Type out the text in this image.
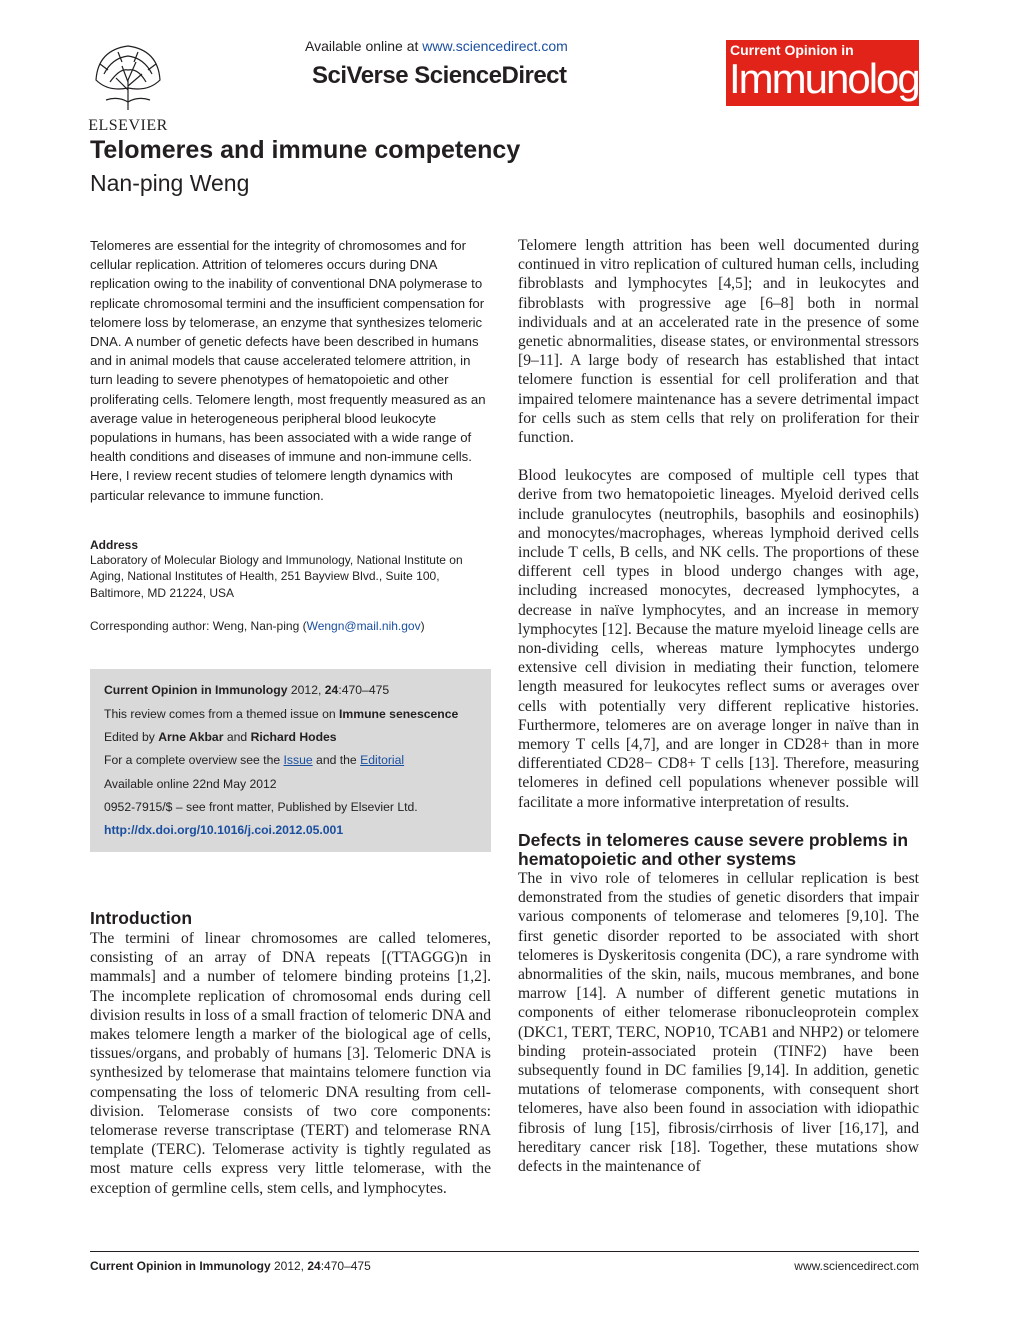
ELSEVIER
Available online at www.sciencedirect.com
SciVerse ScienceDirect
Current Opinion in
Immunology
Telomeres and immune competency
Nan-ping Weng

Telomeres are essential for the integrity of chromosomes and for cellular replication. Attrition of telomeres occurs during DNA replication owing to the inability of conventional DNA polymerase to replicate chromosomal termini and the insufficient compensation for telomere loss by telomerase, an enzyme that synthesizes telomeric DNA. A number of genetic defects have been described in humans and in animal models that cause accelerated telomere attrition, in turn leading to severe phenotypes of hematopoietic and other proliferating cells. Telomere length, most frequently measured as an average value in heterogeneous peripheral blood leukocyte populations in humans, has been associated with a wide range of health conditions and diseases of immune and non-immune cells. Here, I review recent studies of telomere length dynamics with particular relevance to immune function.

Address
Laboratory of Molecular Biology and Immunology, National Institute on Aging, National Institutes of Health, 251 Bayview Blvd., Suite 100, Baltimore, MD 21224, USA
Corresponding author: Weng, Nan-ping (Wengn@mail.nih.gov)
Current Opinion in Immunology 2012, 24:470–475
This review comes from a themed issue on Immune senescence
Edited by Arne Akbar and Richard Hodes
For a complete overview see the Issue and the Editorial
Available online 22nd May 2012
0952-7915/$ – see front matter, Published by Elsevier Ltd.
http://dx.doi.org/10.1016/j.coi.2012.05.001
Introduction

The termini of linear chromosomes are called telomeres, consisting of an array of DNA repeats [(TTAGGG)n in mammals] and a number of telomere binding proteins [1,2]. The incomplete replication of chromosomal ends during cell division results in loss of a small fraction of telomeric DNA and makes telomere length a marker of the biological age of cells, tissues/organs, and probably of humans [3]. Telomeric DNA is synthesized by telomerase that maintains telomere function via compensating the loss of telomeric DNA resulting from cell-division. Telomerase consists of two core components: telomerase reverse transcriptase (TERT) and telomerase RNA template (TERC). Telomerase activity is tightly regulated as most mature cells express very little telomerase, with the exception of germline cells, stem cells, and lymphocytes.

Telomere length attrition has been well documented during continued in vitro replication of cultured human cells, including fibroblasts and lymphocytes [4,5]; and in leukocytes and fibroblasts with progressive age [6–8] both in normal individuals and at an accelerated rate in the presence of some genetic abnormalities, disease states, or environmental stressors [9–11]. A large body of research has established that intact telomere function is essential for cell proliferation and that impaired telomere maintenance has a severe detrimental impact for cells such as stem cells that rely on proliferation for their function.

Blood leukocytes are composed of multiple cell types that derive from two hematopoietic lineages. Myeloid derived cells include granulocytes (neutrophils, basophils and eosinophils) and monocytes/macrophages, whereas lymphoid derived cells include T cells, B cells, and NK cells. The proportions of these different cell types in blood undergo changes with age, including increased monocytes, decreased lymphocytes, a decrease in naïve lymphocytes, and an increase in memory lymphocytes [12]. Because the mature myeloid lineage cells are non-dividing cells, whereas mature lymphocytes undergo extensive cell division in mediating their function, telomere length measured for leukocytes reflect sums or averages over cells with potentially very different replicative histories. Furthermore, telomeres are on average longer in naïve than in memory T cells [4,7], and are longer in CD28+ than in more differentiated CD28− CD8+ T cells [13]. Therefore, measuring telomeres in defined cell populations whenever possible will facilitate a more informative interpretation of results.

Defects in telomeres cause severe problems in hematopoietic and other systems

The in vivo role of telomeres in cellular replication is best demonstrated from the studies of genetic disorders that impair various components of telomerase and telomeres [9,10]. The first genetic disorder reported to be associated with short telomeres is Dyskeritosis congenita (DC), a rare syndrome with abnormalities of the skin, nails, mucous membranes, and bone marrow [14]. A number of different genetic mutations in components of either telomerase ribonucleoprotein complex (DKC1, TERT, TERC, NOP10, TCAB1 and NHP2) or telomere binding protein-associated protein (TINF2) have been subsequently found in DC families [9,14]. In addition, genetic mutations of telomerase components, with consequent short telomeres, have also been found in association with idiopathic fibrosis of lung [15], fibrosis/cirrhosis of liver [16,17], and hereditary cancer risk [18]. Together, these mutations show defects in the maintenance of

Current Opinion in Immunology 2012, 24:470–475	www.sciencedirect.com
